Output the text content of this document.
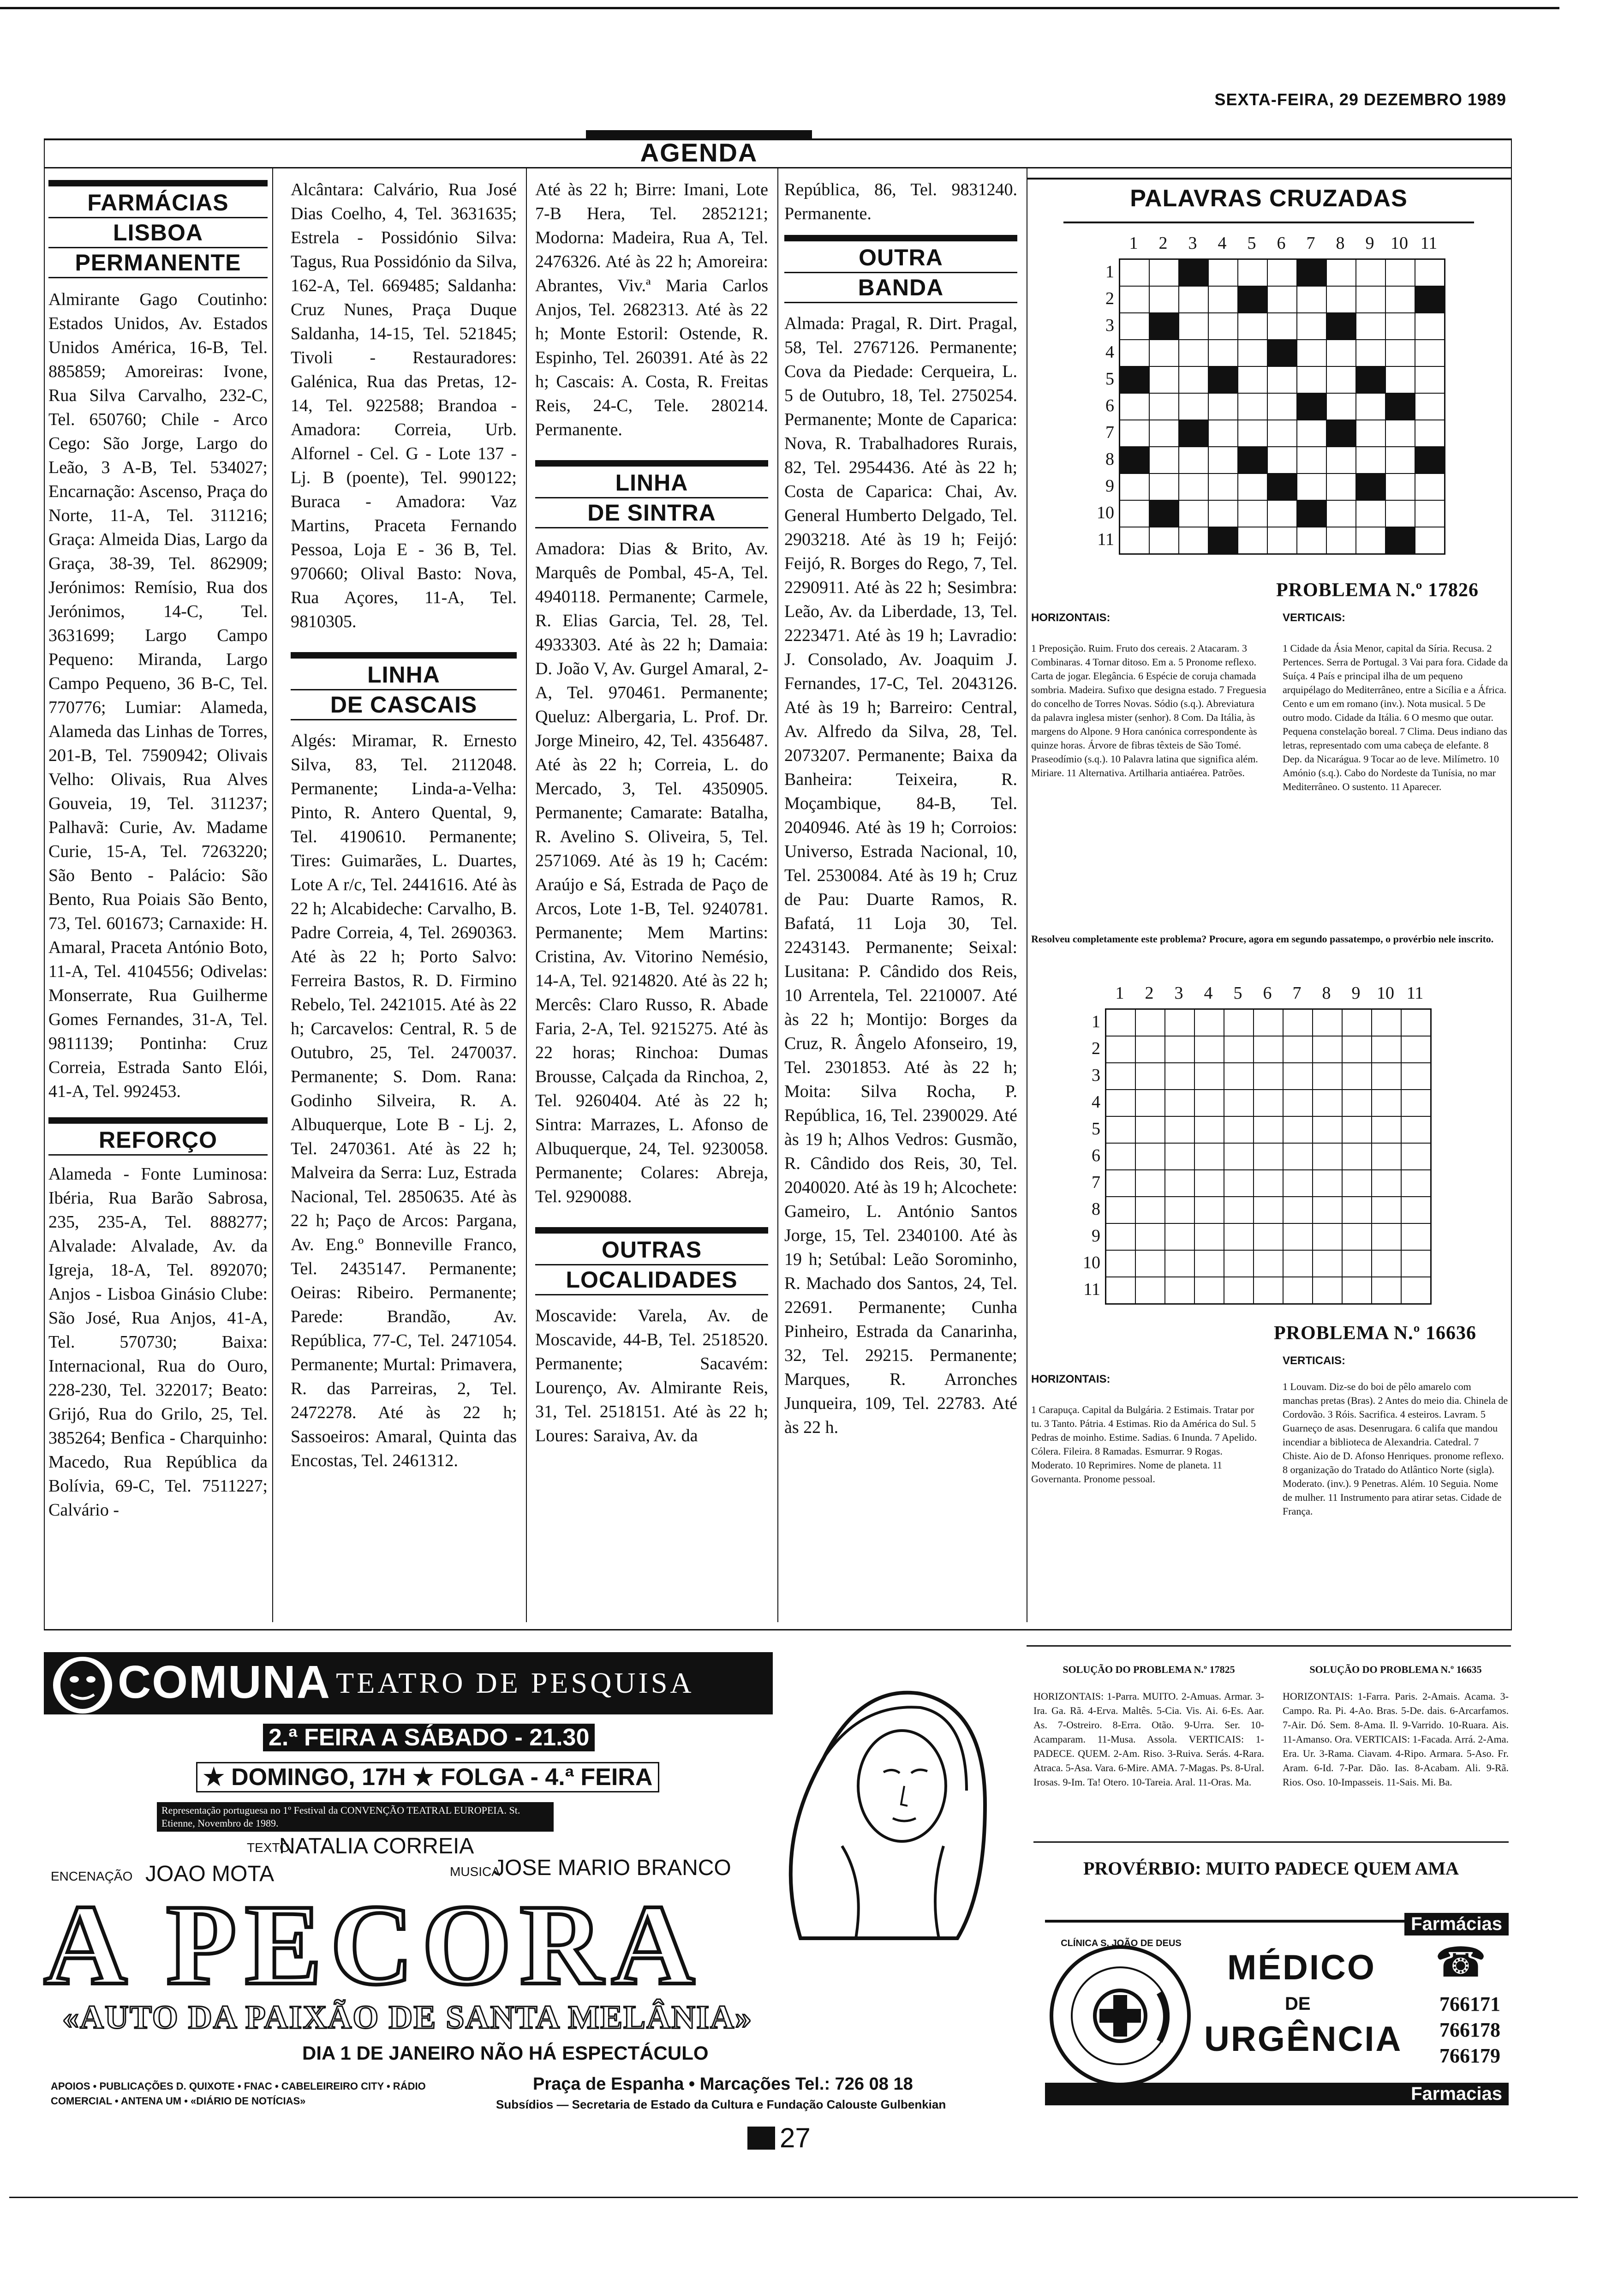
SEXTA-FEIRA, 29 DEZEMBRO 1989
AGENDA
FARMÁCIAS
LISBOA
PERMANENTE

Almirante Gago Coutinho: Estados Unidos, Av. Estados Unidos América, 16-B, Tel. 885859; Amoreiras: Ivone, Rua Silva Carvalho, 232-C, Tel. 650760; Chile - Arco Cego: São Jorge, Largo do Leão, 3 A-B, Tel. 534027; Encarnação: Ascenso, Praça do Norte, 11-A, Tel. 311216; Graça: Almeida Dias, Largo da Graça, 38-39, Tel. 862909; Jerónimos: Remísio, Rua dos Jerónimos, 14-C, Tel. 3631699; Largo Campo Pequeno: Miranda, Largo Campo Pequeno, 36 B-C, Tel. 770776; Lumiar: Alameda, Alameda das Linhas de Torres, 201-B, Tel. 7590942; Olivais Velho: Olivais, Rua Alves Gouveia, 19, Tel. 311237; Palhavã: Curie, Av. Madame Curie, 15-A, Tel. 7263220; São Bento - Palácio: São Bento, Rua Poiais São Bento, 73, Tel. 601673; Carnaxide: H. Amaral, Praceta António Boto, 11-A, Tel. 4104556; Odivelas: Monserrate, Rua Guilherme Gomes Fernandes, 31-A, Tel. 9811139; Pontinha: Cruz Correia, Estrada Santo Elói, 41-A, Tel. 992453.

REFORÇO

Alameda - Fonte Luminosa: Ibéria, Rua Barão Sabrosa, 235, 235-A, Tel. 888277; Alvalade: Alvalade, Av. da Igreja, 18-A, Tel. 892070; Anjos - Lisboa Ginásio Clube: São José, Rua Anjos, 41-A, Tel. 570730; Baixa: Internacional, Rua do Ouro, 228-230, Tel. 322017; Beato: Grijó, Rua do Grilo, 25, Tel. 385264; Benfica - Charquinho: Macedo, Rua República da Bolívia, 69-C, Tel. 7511227; Calvário -

Alcântara: Calvário, Rua José Dias Coelho, 4, Tel. 3631635; Estrela - Possidónio Silva: Tagus, Rua Possidónio da Silva, 162-A, Tel. 669485; Saldanha: Cruz Nunes, Praça Duque Saldanha, 14-15, Tel. 521845; Tivoli - Restauradores: Galénica, Rua das Pretas, 12-14, Tel. 922588; Brandoa - Amadora: Correia, Urb. Alfornel - Cel. G - Lote 137 - Lj. B (poente), Tel. 990122; Buraca - Amadora: Vaz Martins, Praceta Fernando Pessoa, Loja E - 36 B, Tel. 970660; Olival Basto: Nova, Rua Açores, 11-A, Tel. 9810305.

LINHA
DE CASCAIS

Algés: Miramar, R. Ernesto Silva, 83, Tel. 2112048. Permanente; Linda-a-Velha: Pinto, R. Antero Quental, 9, Tel. 4190610. Permanente; Tires: Guimarães, L. Duartes, Lote A r/c, Tel. 2441616. Até às 22 h; Alcabideche: Carvalho, B. Padre Correia, 4, Tel. 2690363. Até às 22 h; Porto Salvo: Ferreira Bastos, R. D. Firmino Rebelo, Tel. 2421015. Até às 22 h; Carcavelos: Central, R. 5 de Outubro, 25, Tel. 2470037. Permanente; S. Dom. Rana: Godinho Silveira, R. A. Albuquerque, Lote B - Lj. 2, Tel. 2470361. Até às 22 h; Malveira da Serra: Luz, Estrada Nacional, Tel. 2850635. Até às 22 h; Paço de Arcos: Pargana, Av. Eng.º Bonneville Franco, Tel. 2435147. Permanente; Oeiras: Ribeiro. Permanente; Parede: Brandão, Av. República, 77-C, Tel. 2471054. Permanente; Murtal: Primavera, R. das Parreiras, 2, Tel. 2472278. Até às 22 h; Sassoeiros: Amaral, Quinta das Encostas, Tel. 2461312.

Até às 22 h; Birre: Imani, Lote 7-B Hera, Tel. 2852121; Modorna: Madeira, Rua A, Tel. 2476326. Até às 22 h; Amoreira: Abrantes, Viv.ª Maria Carlos Anjos, Tel. 2682313. Até às 22 h; Monte Estoril: Ostende, R. Espinho, Tel. 260391. Até às 22 h; Cascais: A. Costa, R. Freitas Reis, 24-C, Tele. 280214. Permanente.

LINHA
DE SINTRA

Amadora: Dias & Brito, Av. Marquês de Pombal, 45-A, Tel. 4940118. Permanente; Carmele, R. Elias Garcia, Tel. 28, Tel. 4933303. Até às 22 h; Damaia: D. João V, Av. Gurgel Amaral, 2-A, Tel. 970461. Permanente; Queluz: Albergaria, L. Prof. Dr. Jorge Mineiro, 42, Tel. 4356487. Até às 22 h; Correia, L. do Mercado, 3, Tel. 4350905. Permanente; Camarate: Batalha, R. Avelino S. Oliveira, 5, Tel. 2571069. Até às 19 h; Cacém: Araújo e Sá, Estrada de Paço de Arcos, Lote 1-B, Tel. 9240781. Permanente; Mem Martins: Cristina, Av. Vitorino Nemésio, 14-A, Tel. 9214820. Até às 22 h; Mercês: Claro Russo, R. Abade Faria, 2-A, Tel. 9215275. Até às 22 horas; Rinchoa: Dumas Brousse, Calçada da Rinchoa, 2, Tel. 9260404. Até às 22 h; Sintra: Marrazes, L. Afonso de Albuquerque, 24, Tel. 9230058. Permanente; Colares: Abreja, Tel. 9290088.

OUTRAS
LOCALIDADES

Moscavide: Varela, Av. de Moscavide, 44-B, Tel. 2518520. Permanente; Sacavém: Lourenço, Av. Almirante Reis, 31, Tel. 2518151. Até às 22 h; Loures: Saraiva, Av. da

República, 86, Tel. 9831240. Permanente.

OUTRA
BANDA

Almada: Pragal, R. Dirt. Pragal, 58, Tel. 2767126. Permanente; Cova da Piedade: Cerqueira, L. 5 de Outubro, 18, Tel. 2750254. Permanente; Monte de Caparica: Nova, R. Trabalhadores Rurais, 82, Tel. 2954436. Até às 22 h; Costa de Caparica: Chai, Av. General Humberto Delgado, Tel. 2903218. Até às 19 h; Feijó: Feijó, R. Borges do Rego, 7, Tel. 2290911. Até às 22 h; Sesimbra: Leão, Av. da Liberdade, 13, Tel. 2223471. Até às 19 h; Lavradio: J. Consolado, Av. Joaquim J. Fernandes, 17-C, Tel. 2043126. Até às 19 h; Barreiro: Central, Av. Alfredo da Silva, 28, Tel. 2073207. Permanente; Baixa da Banheira: Teixeira, R. Moçambique, 84-B, Tel. 2040946. Até às 19 h; Corroios: Universo, Estrada Nacional, 10, Tel. 2530084. Até às 19 h; Cruz de Pau: Duarte Ramos, R. Bafatá, 11 Loja 30, Tel. 2243143. Permanente; Seixal: Lusitana: P. Cândido dos Reis, 10 Arrentela, Tel. 2210007. Até às 22 h; Montijo: Borges da Cruz, R. Ângelo Afonseiro, 19, Tel. 2301853. Até às 22 h; Moita: Silva Rocha, P. República, 16, Tel. 2390029. Até às 19 h; Alhos Vedros: Gusmão, R. Cândido dos Reis, 30, Tel. 2040020. Até às 19 h; Alcochete: Gameiro, L. António Santos Jorge, 15, Tel. 2340100. Até às 19 h; Setúbal: Leão Sorominho, R. Machado dos Santos, 24, Tel. 22691. Permanente; Cunha Pinheiro, Estrada da Canarinha, 32, Tel. 29215. Permanente; Marques, R. Arronches Junqueira, 109, Tel. 22783. Até às 22 h.

PALAVRAS CRUZADAS
1 2 3 4 5 6 7 8 9 10 11
1
2
3
4
5
6
7
8
9
10
11

PROBLEMA N.º 17826
HORIZONTAIS:	VERTICAIS:
1 Preposição. Ruim. Fruto dos cereais. 2 Atacaram. 3 Combinaras. 4 Tornar ditoso. Em a. 5 Pronome reflexo. Carta de jogar. Elegância. 6 Espécie de coruja chamada sombria. Madeira. Sufixo que designa estado. 7 Freguesia do concelho de Torres Novas. Sódio (s.q.). Abreviatura da palavra inglesa mister (senhor). 8 Com. Da Itália, às margens do Alpone. 9 Hora canónica correspondente às quinze horas. Árvore de fibras têxteis de São Tomé. Praseodímio (s.q.). 10 Palavra latina que significa além. Miriare. 11 Alternativa. Artilharia antiaérea. Patrões.
1 Cidade da Ásia Menor, capital da Síria. Recusa. 2 Pertences. Serra de Portugal. 3 Vai para fora. Cidade da Suíça. 4 País e principal ilha de um pequeno arquipélago do Mediterrâneo, entre a Sicília e a África. Cento e um em romano (inv.). Nota musical. 5 De outro modo. Cidade da Itália. 6 O mesmo que outar. Pequena constelação boreal. 7 Clima. Deus indiano das letras, representado com uma cabeça de elefante. 8 Dep. da Nicarágua. 9 Tocar ao de leve. Milímetro. 10 Amónio (s.q.). Cabo do Nordeste da Tunísia, no mar Mediterrâneo. O sustento. 11 Aparecer.
Resolveu completamente este problema? Procure, agora em segundo passatempo, o provérbio nele inscrito.
1 2 3 4 5 6 7 8 9 10 11
1
2
3
4
5
6
7
8
9
10
11

PROBLEMA N.º 16636
VERTICAIS:
HORIZONTAIS:
1 Carapuça. Capital da Bulgária. 2 Estimais. Tratar por tu. 3 Tanto. Pátria. 4 Estimas. Rio da América do Sul. 5 Pedras de moinho. Estime. Sadias. 6 Inunda. 7 Apelido. Cólera. Fileira. 8 Ramadas. Esmurrar. 9 Rogas. Moderato. 10 Reprimires. Nome de planeta. 11 Governanta. Pronome pessoal.
1 Louvam. Diz-se do boi de pêlo amarelo com manchas pretas (Bras). 2 Antes do meio dia. Chinela de Cordovão. 3 Róis. Sacrifica. 4 esteiros. Lavram. 5 Guarneço de asas. Desenrugara. 6 califa que mandou incendiar a biblioteca de Alexandria. Catedral. 7 Chiste. Aio de D. Afonso Henriques. pronome reflexo. 8 organização do Tratado do Atlântico Norte (sigla). Moderato. (inv.). 9 Penetras. Além. 10 Seguia. Nome de mulher. 11 Instrumento para atirar setas. Cidade de França.
SOLUÇÃO DO PROBLEMA N.º 17825	SOLUÇÃO DO PROBLEMA N.º 16635
HORIZONTAIS: 1-Parra. MUITO. 2-Amuas. Armar. 3-Ira. Ga. Rã. 4-Erva. Maltês. 5-Cia. Vis. Ai. 6-Es. Aar. As. 7-Ostreiro. 8-Erra. Otão. 9-Urra. Ser. 10-Acamparam. 11-Musa. Assola. VERTICAIS: 1-PADECE. QUEM. 2-Am. Riso. 3-Ruiva. Serás. 4-Rara. Atraca. 5-Asa. Vara. 6-Mire. AMA. 7-Magas. Ps. 8-Ural. Irosas. 9-Im. Ta! Otero. 10-Tareia. Aral. 11-Oras. Ma.
HORIZONTAIS: 1-Farra. Paris. 2-Amais. Acama. 3-Campo. Ra. Pi. 4-Ao. Bras. 5-De. dais. 6-Arcarfamos. 7-Air. Dó. Sem. 8-Ama. Il. 9-Varrido. 10-Ruara. Ais. 11-Amanso. Ora. VERTICAIS: 1-Facada. Arrá. 2-Ama. Era. Ur. 3-Rama. Ciavam. 4-Ripo. Armara. 5-Aso. Fr. Aram. 6-Id. 7-Par. Dão. Ias. 8-Acabam. Ali. 9-Rã. Rios. Oso. 10-Impasseis. 11-Sais. Mi. Ba.
PROVÉRBIO: MUITO PADECE QUEM AMA
COMUNA
- TEATRO DE PESQUISA
2.ª FEIRA A SÁBADO - 21.30
★ DOMINGO, 17H ★ FOLGA - 4.ª FEIRA
Representação portuguesa no 1º Festival da CONVENÇÃO TEATRAL EUROPEIA. St. Etienne, Novembro de 1989.
TEXTO
NATALIA CORREIA
ENCENAÇÃO JOAO MOTA	MUSICA
JOSE MARIO BRANCO
A PECORA
«AUTO DA PAIXÃO DE SANTA MELÂNIA»
DIA 1 DE JANEIRO NÃO HÁ ESPECTÁCULO
APOIOS • PUBLICAÇÕES D. QUIXOTE • FNAC • CABELEIREIRO CITY • RÁDIO COMERCIAL • ANTENA UM • «DIÁRIO DE NOTÍCIAS»
Praça de Espanha • Marcações Tel.: 726 08 18
Subsídios — Secretaria de Estado da Cultura e Fundação Calouste Gulbenkian
Farmácias
CLÍNICA S. JOÃO DE DEUS
MÉDICO
DE
URGÊNCIA
☎
766171
766178
766179
Farmacias
27
